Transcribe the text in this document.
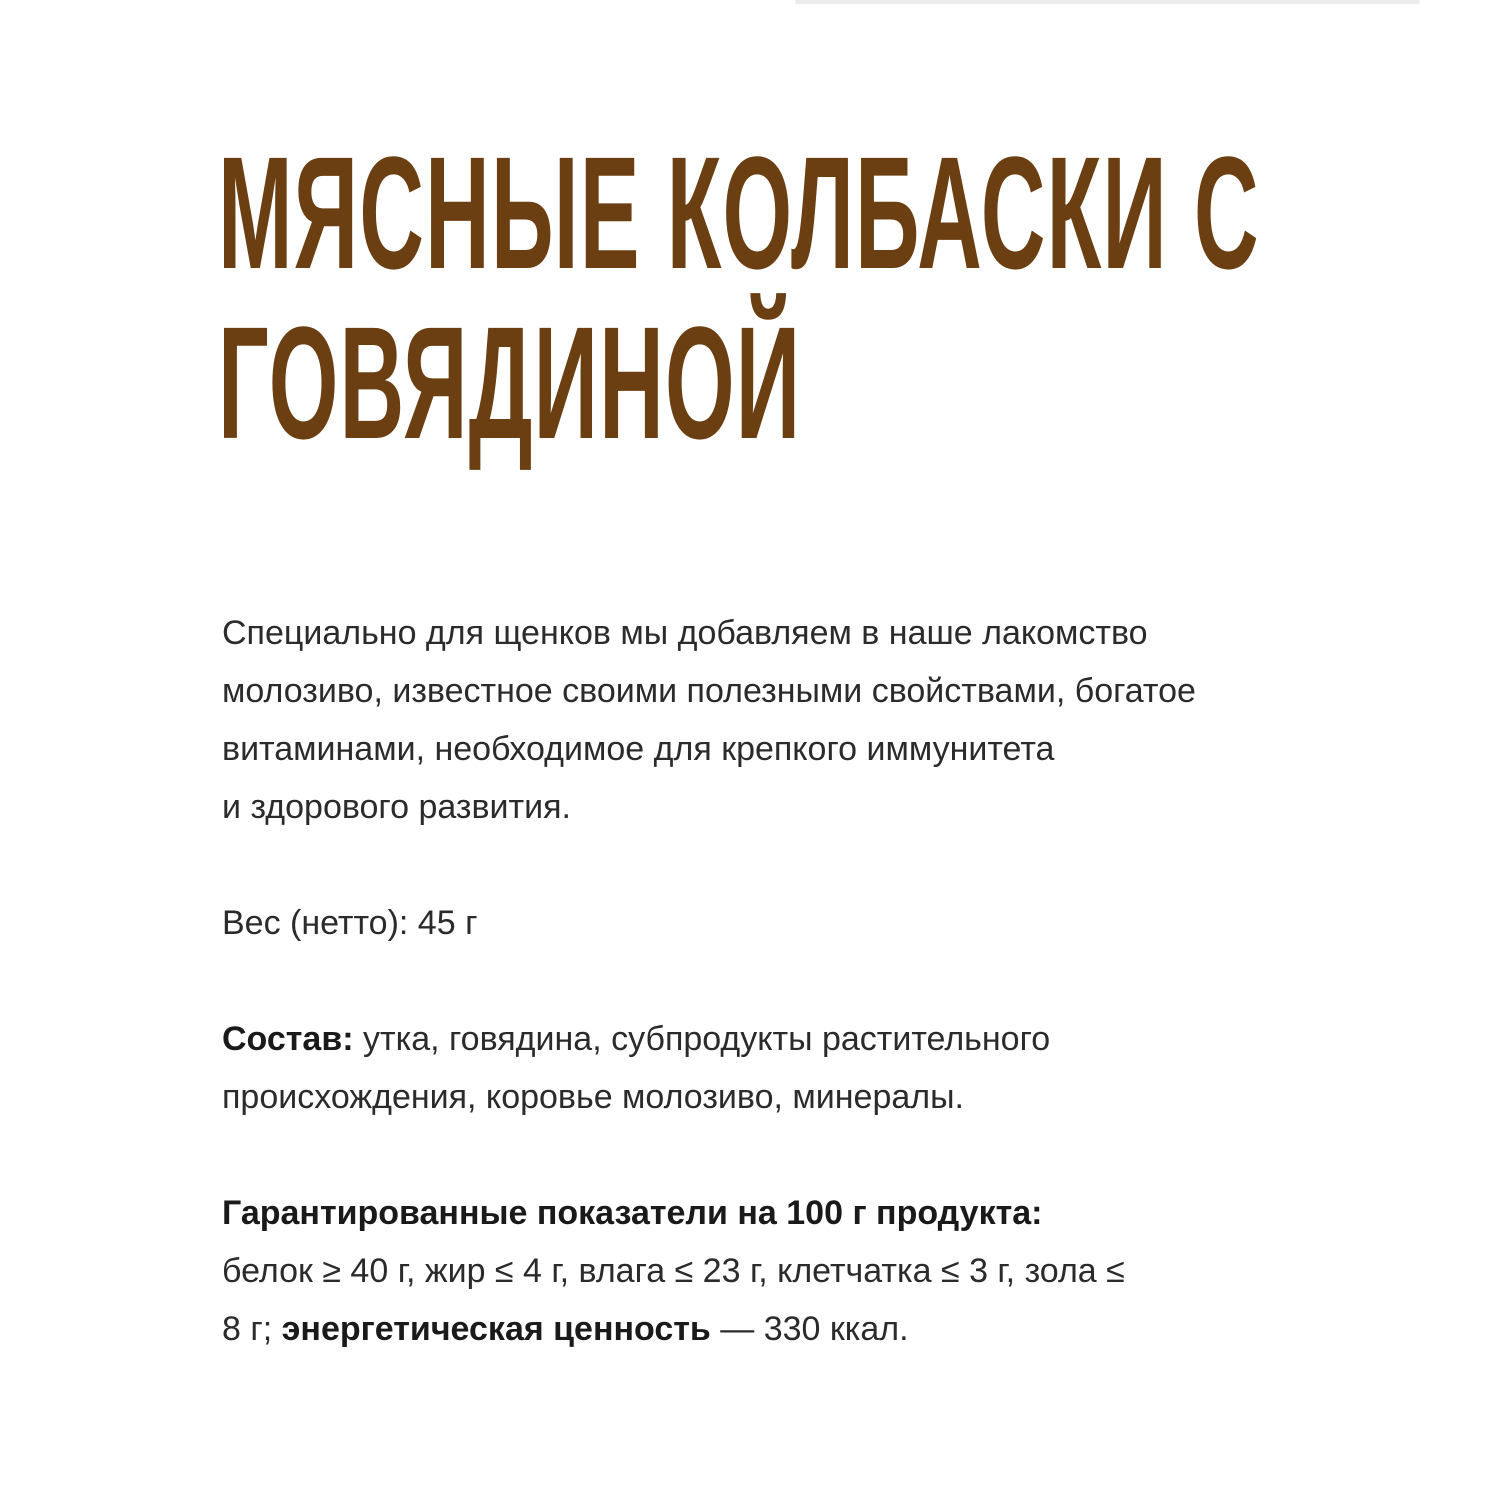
МЯСНЫЕ КОЛБАСКИ С
ГОВЯДИНОЙ

Специально для щенков мы добавляем в наше лакомство
молозиво, известное своими полезными свойствами, богатое
витаминами, необходимое для крепкого иммунитета
и здорового развития.

Вес (нетто): 45 г

Состав: утка, говядина, субпродукты растительного
происхождения, коровье молозиво, минералы.

Гарантированные показатели на 100 г продукта:
белок ≥ 40 г, жир ≤ 4 г, влага ≤ 23 г, клетчатка ≤ 3 г, зола ≤
8 г; энергетическая ценность — 330 ккал.
